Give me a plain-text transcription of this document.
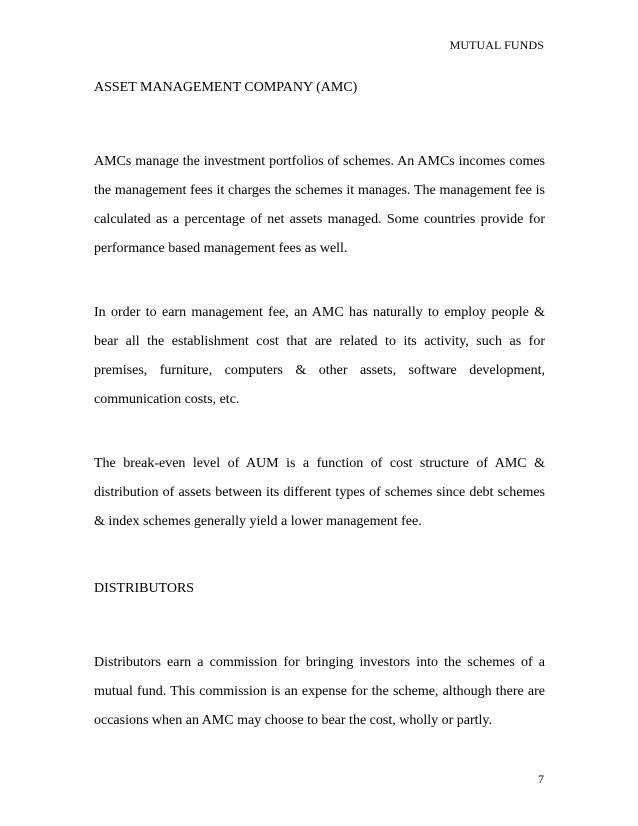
MUTUAL FUNDS
ASSET MANAGEMENT COMPANY (AMC)
AMCs manage the investment portfolios of schemes. An AMCs incomes comes the management fees it charges the schemes it manages. The management fee is calculated as a percentage of net assets managed. Some countries provide for performance based management fees as well.
In order to earn management fee, an AMC has naturally to employ people & bear all the establishment cost that are related to its activity, such as for premises, furniture, computers & other assets, software development, communication costs, etc.
The break-even level of AUM is a function of cost structure of AMC & distribution of assets between its different types of schemes since debt schemes & index schemes generally yield a lower management fee.
DISTRIBUTORS
Distributors earn a commission for bringing investors into the schemes of a mutual fund. This commission is an expense for the scheme, although there are occasions when an AMC may choose to bear the cost, wholly or partly.
7
